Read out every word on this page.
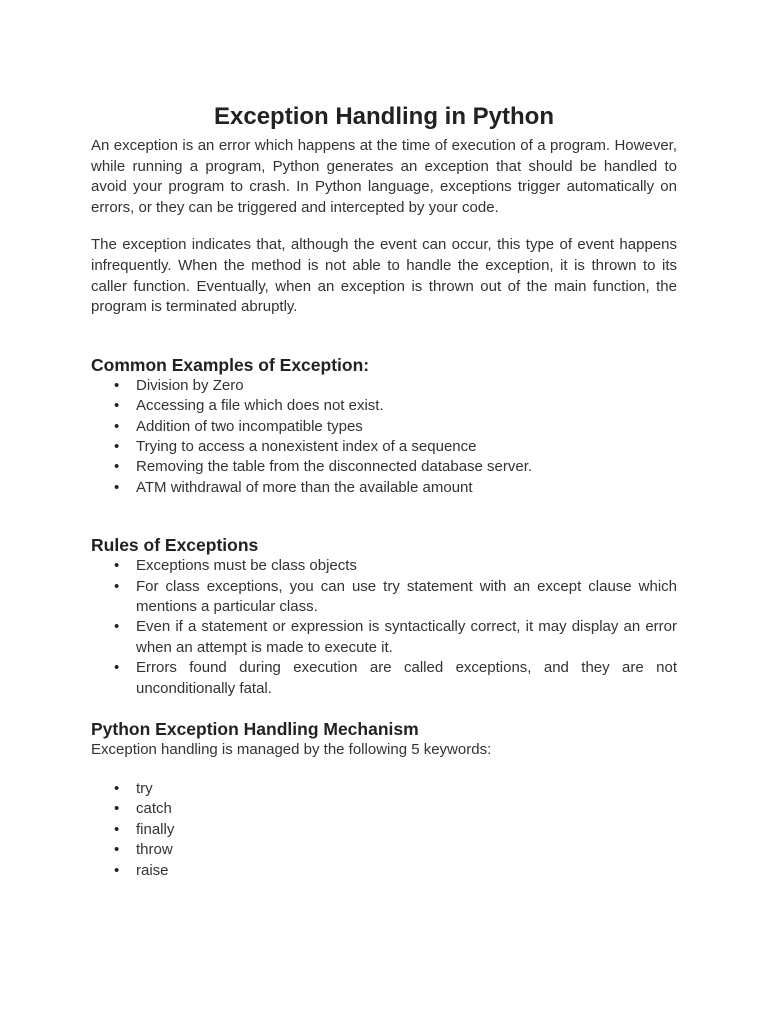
Exception Handling in Python

An exception is an error which happens at the time of execution of a program. However, while running a program, Python generates an exception that should be handled to avoid your program to crash. In Python language, exceptions trigger automatically on errors, or they can be triggered and intercepted by your code.

The exception indicates that, although the event can occur, this type of event happens infrequently. When the method is not able to handle the exception, it is thrown to its caller function. Eventually, when an exception is thrown out of the main function, the program is terminated abruptly.

Common Examples of Exception:
• Division by Zero
• Accessing a file which does not exist.
• Addition of two incompatible types
• Trying to access a nonexistent index of a sequence
• Removing the table from the disconnected database server.
• ATM withdrawal of more than the available amount
Rules of Exceptions
• Exceptions must be class objects
• For class exceptions, you can use try statement with an except clause which mentions a particular class.
• Even if a statement or expression is syntactically correct, it may display an error when an attempt is made to execute it.
• Errors found during execution are called exceptions, and they are not unconditionally fatal.
Python Exception Handling Mechanism

Exception handling is managed by the following 5 keywords:

• try
• catch
• finally
• throw
• raise
